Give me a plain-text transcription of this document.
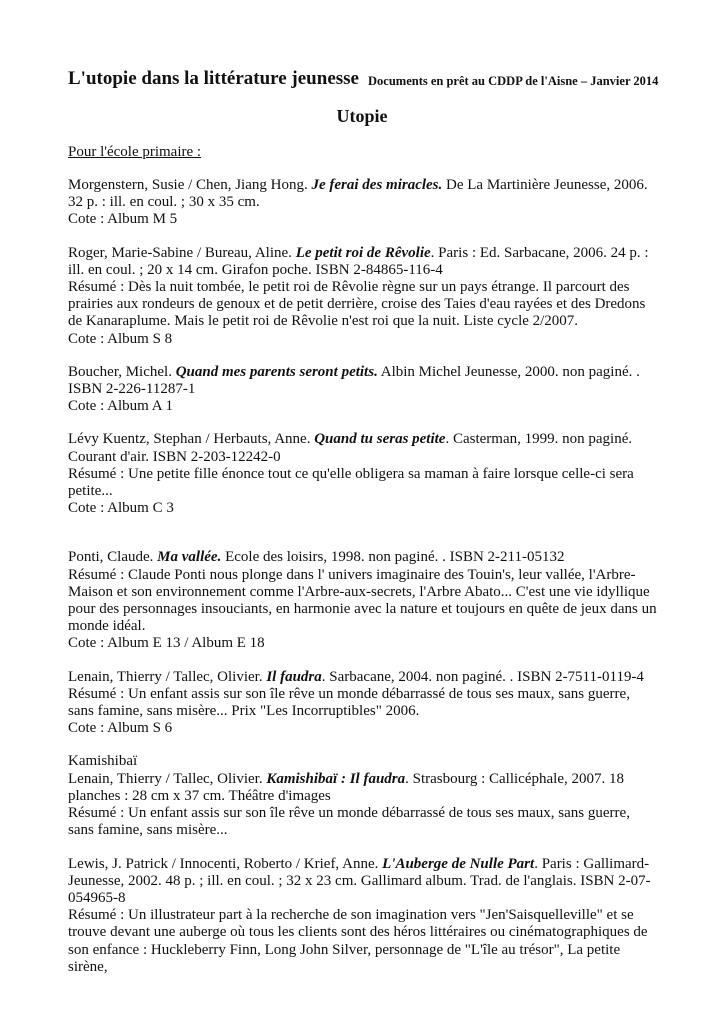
L'utopie dans la littérature jeunesse Documents en prêt au CDDP de l'Aisne – Janvier 2014
Utopie
Pour l'école primaire :

Morgenstern, Susie / Chen, Jiang Hong. Je ferai des miracles. De La Martinière Jeunesse, 2006. 32 p. : ill. en coul. ; 30 x 35 cm.

Cote : Album M 5

Roger, Marie-Sabine / Bureau, Aline. Le petit roi de Rêvolie. Paris : Ed. Sarbacane, 2006. 24 p. : ill. en coul. ; 20 x 14 cm. Girafon poche. ISBN 2-84865-116-4

Résumé : Dès la nuit tombée, le petit roi de Rêvolie règne sur un pays étrange. Il parcourt des prairies aux rondeurs de genoux et de petit derrière, croise des Taies d'eau rayées et des Dredons de Kanaraplume. Mais le petit roi de Rêvolie n'est roi que la nuit. Liste cycle 2/2007.

Cote : Album S 8

Boucher, Michel. Quand mes parents seront petits. Albin Michel Jeunesse, 2000. non paginé. . ISBN 2-226-11287-1

Cote : Album A 1

Lévy Kuentz, Stephan / Herbauts, Anne. Quand tu seras petite. Casterman, 1999. non paginé. Courant d'air. ISBN 2-203-12242-0

Résumé : Une petite fille énonce tout ce qu'elle obligera sa maman à faire lorsque celle-ci sera petite...

Cote : Album C 3

Ponti, Claude. Ma vallée. Ecole des loisirs, 1998. non paginé. . ISBN 2-211-05132

Résumé : Claude Ponti nous plonge dans l' univers imaginaire des Touin's, leur vallée, l'Arbre-Maison et son environnement comme l'Arbre-aux-secrets, l'Arbre Abato... C'est une vie idyllique pour des personnages insouciants, en harmonie avec la nature et toujours en quête de jeux dans un monde idéal.

Cote : Album E 13 / Album E 18

Lenain, Thierry / Tallec, Olivier. Il faudra. Sarbacane, 2004. non paginé. . ISBN 2-7511-0119-4

Résumé : Un enfant assis sur son île rêve un monde débarrassé de tous ses maux, sans guerre, sans famine, sans misère... Prix "Les Incorruptibles" 2006.

Cote : Album S 6

Kamishibaï

Lenain, Thierry / Tallec, Olivier. Kamishibaï : Il faudra. Strasbourg : Callicéphale, 2007. 18 planches : 28 cm x 37 cm. Théâtre d'images

Résumé : Un enfant assis sur son île rêve un monde débarrassé de tous ses maux, sans guerre, sans famine, sans misère...

Lewis, J. Patrick / Innocenti, Roberto / Krief, Anne. L'Auberge de Nulle Part. Paris : Gallimard-Jeunesse, 2002. 48 p. ; ill. en coul. ; 32 x 23 cm. Gallimard album. Trad. de l'anglais. ISBN 2-07-054965-8

Résumé : Un illustrateur part à la recherche de son imagination vers "Jen'Saisquelleville" et se trouve devant une auberge où tous les clients sont des héros littéraires ou cinématographiques de son enfance : Huckleberry Finn, Long John Silver, personnage de "L'île au trésor", La petite sirène,
